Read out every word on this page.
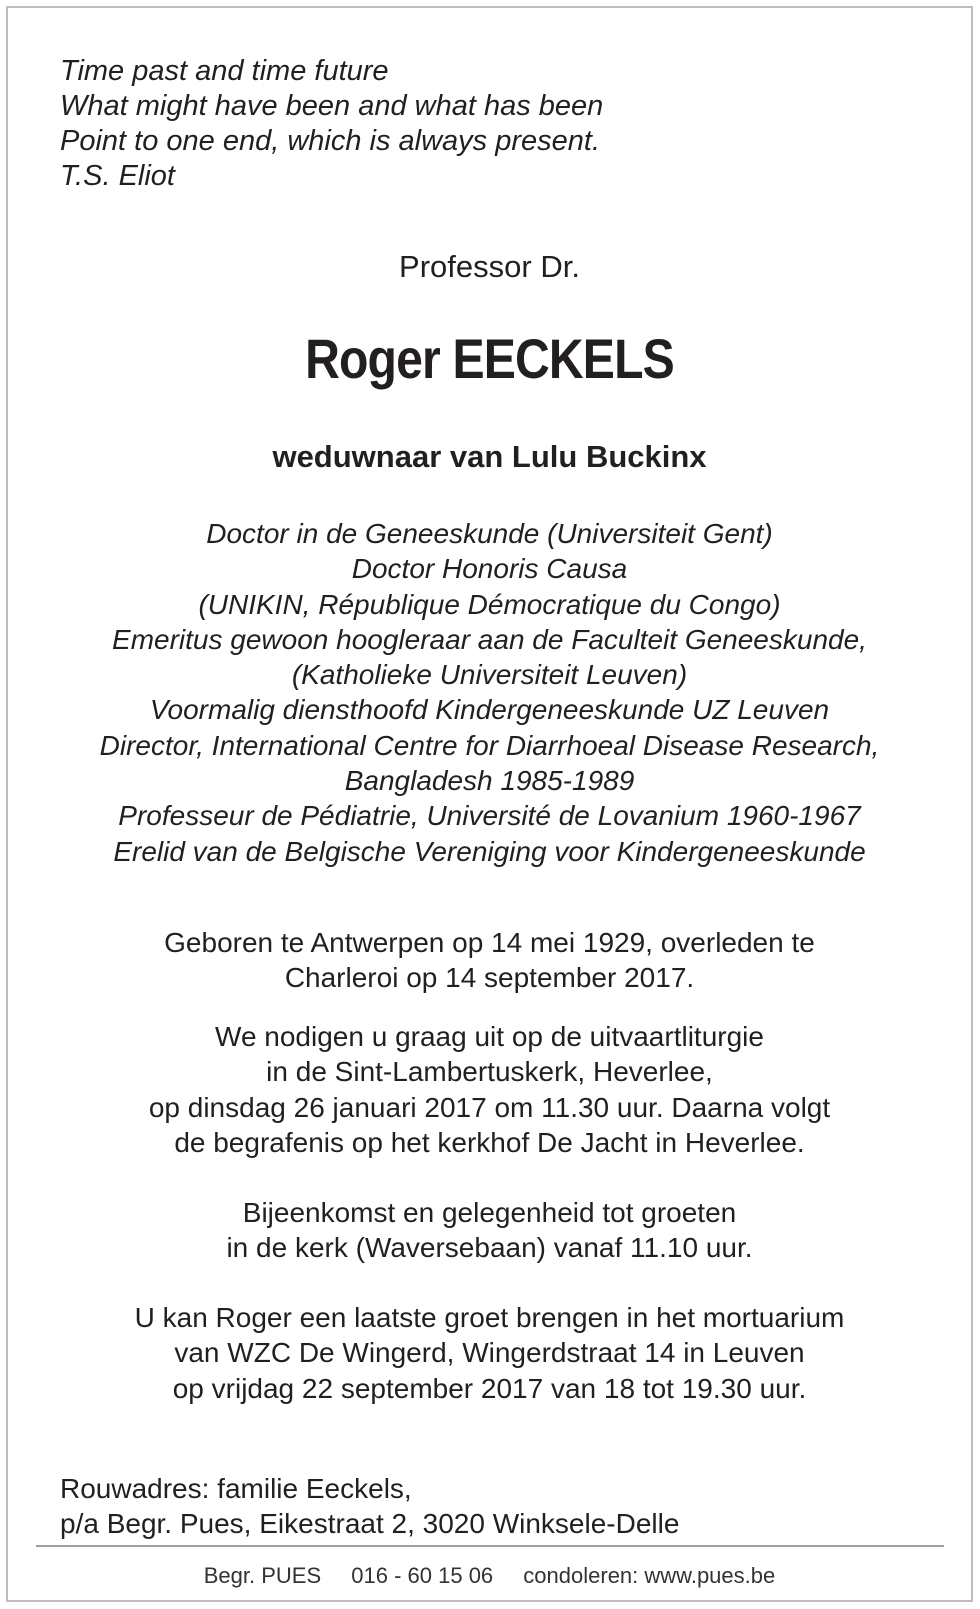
Time past and time future
What might have been and what has been
Point to one end, which is always present.
T.S. Eliot
Professor Dr.
Roger EECKELS
weduwnaar van Lulu Buckinx
Doctor in de Geneeskunde (Universiteit Gent)
Doctor Honoris Causa
(UNIKIN, République Démocratique du Congo)
Emeritus gewoon hoogleraar aan de Faculteit Geneeskunde,
(Katholieke Universiteit Leuven)
Voormalig diensthoofd Kindergeneeskunde UZ Leuven
Director, International Centre for Diarrhoeal Disease Research,
Bangladesh 1985-1989
Professeur de Pédiatrie, Université de Lovanium 1960-1967
Erelid van de Belgische Vereniging voor Kindergeneeskunde
Geboren te Antwerpen op 14 mei 1929, overleden te
Charleroi op 14 september 2017.
We nodigen u graag uit op de uitvaartliturgie
in de Sint-Lambertuskerk, Heverlee,
op dinsdag 26 januari 2017 om 11.30 uur. Daarna volgt
de begrafenis op het kerkhof De Jacht in Heverlee.
Bijeenkomst en gelegenheid tot groeten
in de kerk (Waversebaan) vanaf 11.10 uur.
U kan Roger een laatste groet brengen in het mortuarium
van WZC De Wingerd, Wingerdstraat 14 in Leuven
op vrijdag 22 september 2017 van 18 tot 19.30 uur.
Rouwadres: familie Eeckels,
p/a Begr. Pues, Eikestraat 2, 3020 Winksele-Delle
Begr. PUES 016 - 60 15 06 condoleren: www.pues.be
